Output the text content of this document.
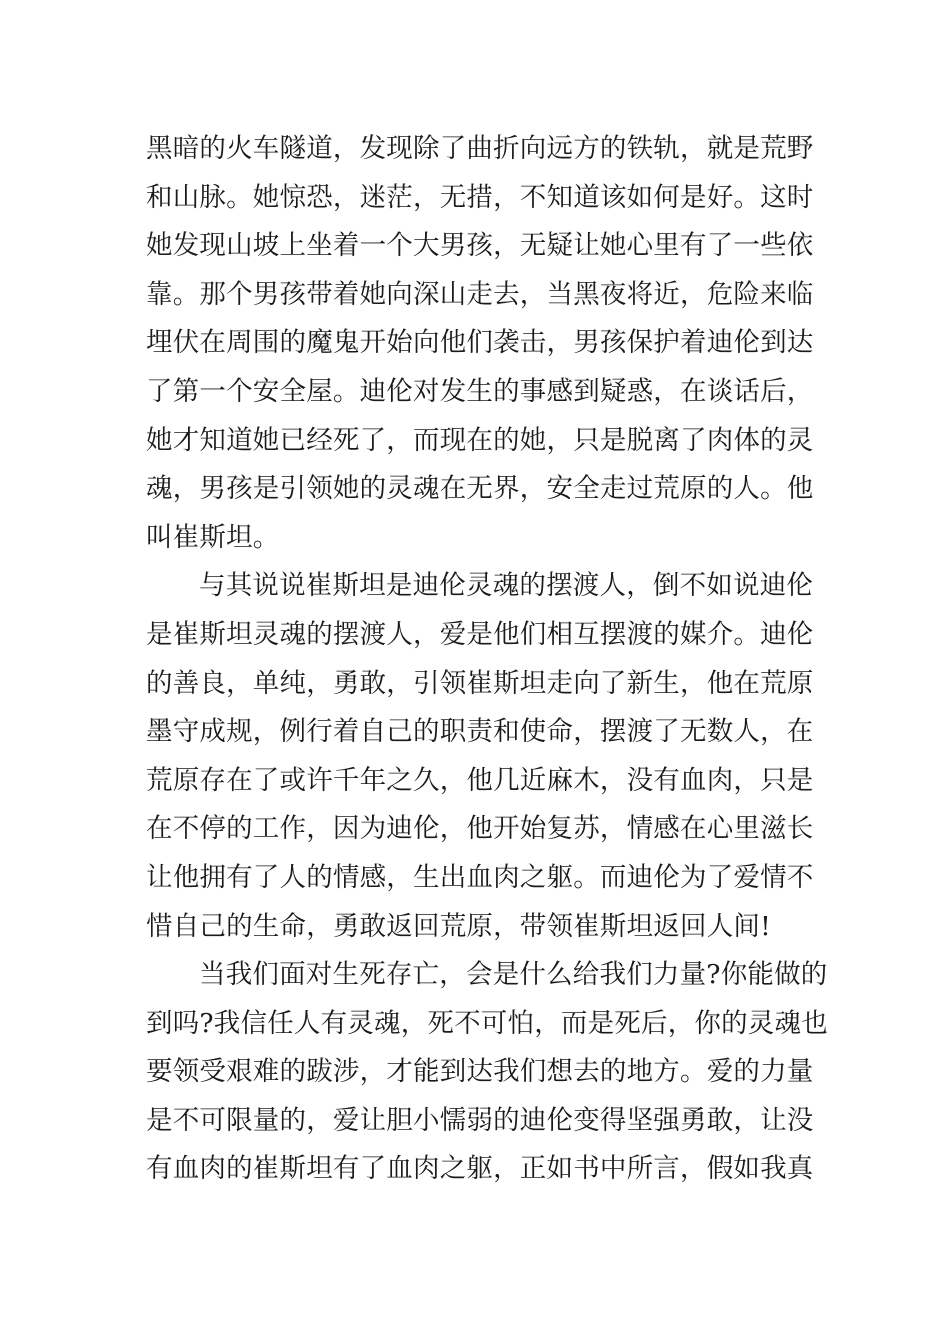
黑暗的火车隧道，发现除了曲折向远方的铁轨，就是荒野
和山脉。她惊恐，迷茫，无措，不知道该如何是好。这时
她发现山坡上坐着一个大男孩，无疑让她心里有了一些依
靠。那个男孩带着她向深山走去，当黑夜将近，危险来临
埋伏在周围的魔鬼开始向他们袭击，男孩保护着迪伦到达
了第一个安全屋。迪伦对发生的事感到疑惑，在谈话后，
她才知道她已经死了，而现在的她，只是脱离了肉体的灵
魂，男孩是引领她的灵魂在无界，安全走过荒原的人。他
叫崔斯坦。
与其说说崔斯坦是迪伦灵魂的摆渡人，倒不如说迪伦
是崔斯坦灵魂的摆渡人，爱是他们相互摆渡的媒介。迪伦
的善良，单纯，勇敢，引领崔斯坦走向了新生，他在荒原
墨守成规，例行着自己的职责和使命，摆渡了无数人，在
荒原存在了或许千年之久，他几近麻木，没有血肉，只是
在不停的工作，因为迪伦，他开始复苏，情感在心里滋长
让他拥有了人的情感，生出血肉之躯。而迪伦为了爱情不
惜自己的生命，勇敢返回荒原，带领崔斯坦返回人间!
当我们面对生死存亡，会是什么给我们力量?你能做的
到吗?我信任人有灵魂，死不可怕，而是死后，你的灵魂也
要领受艰难的跋涉，才能到达我们想去的地方。爱的力量
是不可限量的，爱让胆小懦弱的迪伦变得坚强勇敢，让没
有血肉的崔斯坦有了血肉之躯，正如书中所言，假如我真
